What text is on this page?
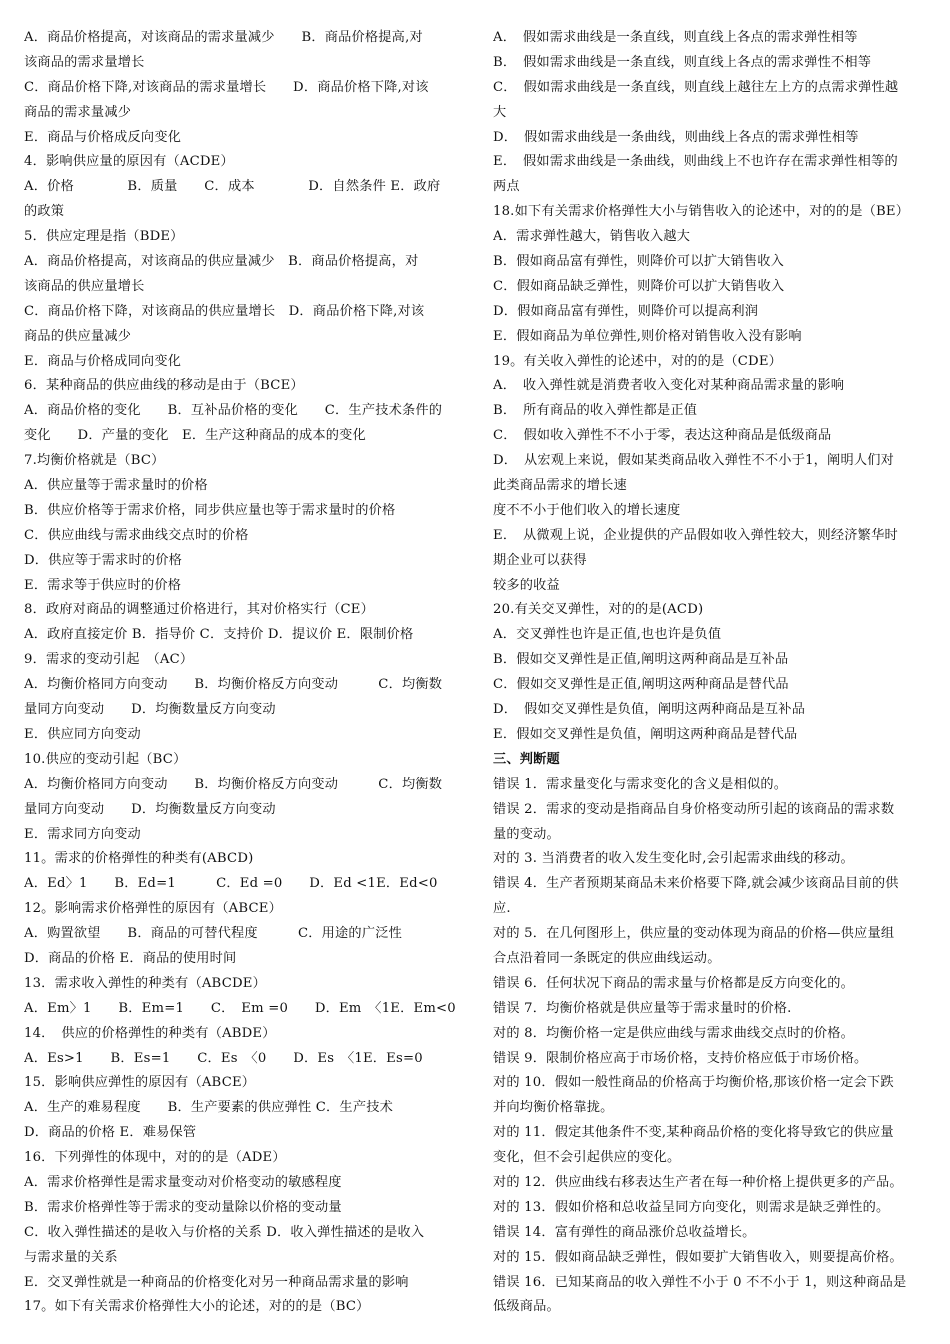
A．商品价格提高，对该商品的需求量减少　　B．商品价格提高,对
该商品的需求量增长
C．商品价格下降,对该商品的需求量增长　　D．商品价格下降,对该
商品的需求量减少
E．商品与价格成反向变化
4．影响供应量的原因有（ACDE）
A．价格　　　　B．质量　　C．成本　　　　D．自然条件 E．政府
的政策
5．供应定理是指（BDE）
A．商品价格提高，对该商品的供应量减少　B．商品价格提高，对
该商品的供应量增长
C．商品价格下降，对该商品的供应量增长　D．商品价格下降,对该
商品的供应量减少
E．商品与价格成同向变化
6．某种商品的供应曲线的移动是由于（BCE）
A．商品价格的变化　　B．互补品价格的变化　　C．生产技术条件的
变化　　D．产量的变化　E．生产这种商品的成本的变化
7.均衡价格就是（BC）
A．供应量等于需求量时的价格
B．供应价格等于需求价格，同步供应量也等于需求量时的价格
C．供应曲线与需求曲线交点时的价格
D．供应等于需求时的价格
E．需求等于供应时的价格
8．政府对商品的调整通过价格进行，其对价格实行（CE）
A．政府直接定价 B．指导价 C．支持价 D．提议价 E．限制价格
9．需求的变动引起　（AC）
A．均衡价格同方向变动　　B．均衡价格反方向变动　　　C．均衡数
量同方向变动　　D．均衡数量反方向变动
E．供应同方向变动
10.供应的变动引起（BC）
A．均衡价格同方向变动　　B．均衡价格反方向变动　　　C．均衡数
量同方向变动　　D．均衡数量反方向变动
E．需求同方向变动
11。需求的价格弹性的种类有(ABCD)
A．Ed〉1　　B．Ed=1　　　C．Ed =0　　D．Ed <1E．Ed<0
12。影响需求价格弹性的原因有（ABCE）
A．购置欲望　　B．商品的可替代程度　　　C．用途的广泛性
D．商品的价格 E．商品的使用时间
13．需求收入弹性的种类有（ABCDE）
A．Em〉1　　B．Em=1　　C．　Em =0　　D．Em　〈1E．Em<0
14．　供应的价格弹性的种类有（ABDE）
A．Es>1　　B．Es=1　　C．Es　〈0　　D．Es　〈1E．Es=0
15．影响供应弹性的原因有（ABCE）
A．生产的难易程度　　B．生产要素的供应弹性 C．生产技术
D．商品的价格 E．难易保管
16．下列弹性的体现中，对的的是（ADE）
A．需求价格弹性是需求量变动对价格变动的敏感程度
B．需求价格弹性等于需求的变动量除以价格的变动量
C．收入弹性描述的是收入与价格的关系 D．收入弹性描述的是收入
与需求量的关系
E．交叉弹性就是一种商品的价格变化对另一种商品需求量的影响
17。如下有关需求价格弹性大小的论述，对的的是（BC）
A．　假如需求曲线是一条直线，则直线上各点的需求弹性相等
B．　假如需求曲线是一条直线，则直线上各点的需求弹性不相等
C．　假如需求曲线是一条直线，则直线上越往左上方的点需求弹性越
大
D．　假如需求曲线是一条曲线，则曲线上各点的需求弹性相等
E．　假如需求曲线是一条曲线，则曲线上不也许存在需求弹性相等的
两点
18.如下有关需求价格弹性大小与销售收入的论述中，对的的是（BE）
A．需求弹性越大，销售收入越大
B．假如商品富有弹性，则降价可以扩大销售收入
C．假如商品缺乏弹性，则降价可以扩大销售收入
D．假如商品富有弹性，则降价可以提高利润
E．假如商品为单位弹性,则价格对销售收入没有影响
19。有关收入弹性的论述中，对的的是（CDE）
A．　收入弹性就是消费者收入变化对某种商品需求量的影响
B．　所有商品的收入弹性都是正值
C．　假如收入弹性不不小于零，表达这种商品是低级商品
D．　从宏观上来说，假如某类商品收入弹性不不小于1，阐明人们对
此类商品需求的增长速
度不不小于他们收入的增长速度
E．　从微观上说，企业提供的产品假如收入弹性较大，则经济繁华时
期企业可以获得
较多的收益
20.有关交叉弹性，对的的是(ACD)
A．交叉弹性也许是正值,也也许是负值
B．假如交叉弹性是正值,阐明这两种商品是互补品
C．假如交叉弹性是正值,阐明这两种商品是替代品
D．　假如交叉弹性是负值，阐明这两种商品是互补品
E．假如交叉弹性是负值，阐明这两种商品是替代品
三、判断题
错误 1．需求量变化与需求变化的含义是相似的。
错误 2．需求的变动是指商品自身价格变动所引起的该商品的需求数
量的变动。
对的 3. 当消费者的收入发生变化时,会引起需求曲线的移动。
错误 4．生产者预期某商品未来价格要下降,就会减少该商品目前的供
应.
对的 5．在几何图形上，供应量的变动体现为商品的价格—供应量组
合点沿着同一条既定的供应曲线运动。
错误 6．任何状况下商品的需求量与价格都是反方向变化的。
错误 7．均衡价格就是供应量等于需求量时的价格.
对的 8．均衡价格一定是供应曲线与需求曲线交点时的价格。
错误 9．限制价格应高于市场价格，支持价格应低于市场价格。
对的 10．假如一般性商品的价格高于均衡价格,那该价格一定会下跌
并向均衡价格靠拢。
对的 11．假定其他条件不变,某种商品价格的变化将导致它的供应量
变化，但不会引起供应的变化。
对的 12．供应曲线右移表达生产者在每一种价格上提供更多的产品。
对的 13．假如价格和总收益呈同方向变化，则需求是缺乏弹性的。
错误 14．富有弹性的商品涨价总收益增长。
对的 15．假如商品缺乏弹性，假如要扩大销售收入，则要提高价格。
错误 16．已知某商品的收入弹性不小于 0 不不小于 1，则这种商品是
低级商品。
